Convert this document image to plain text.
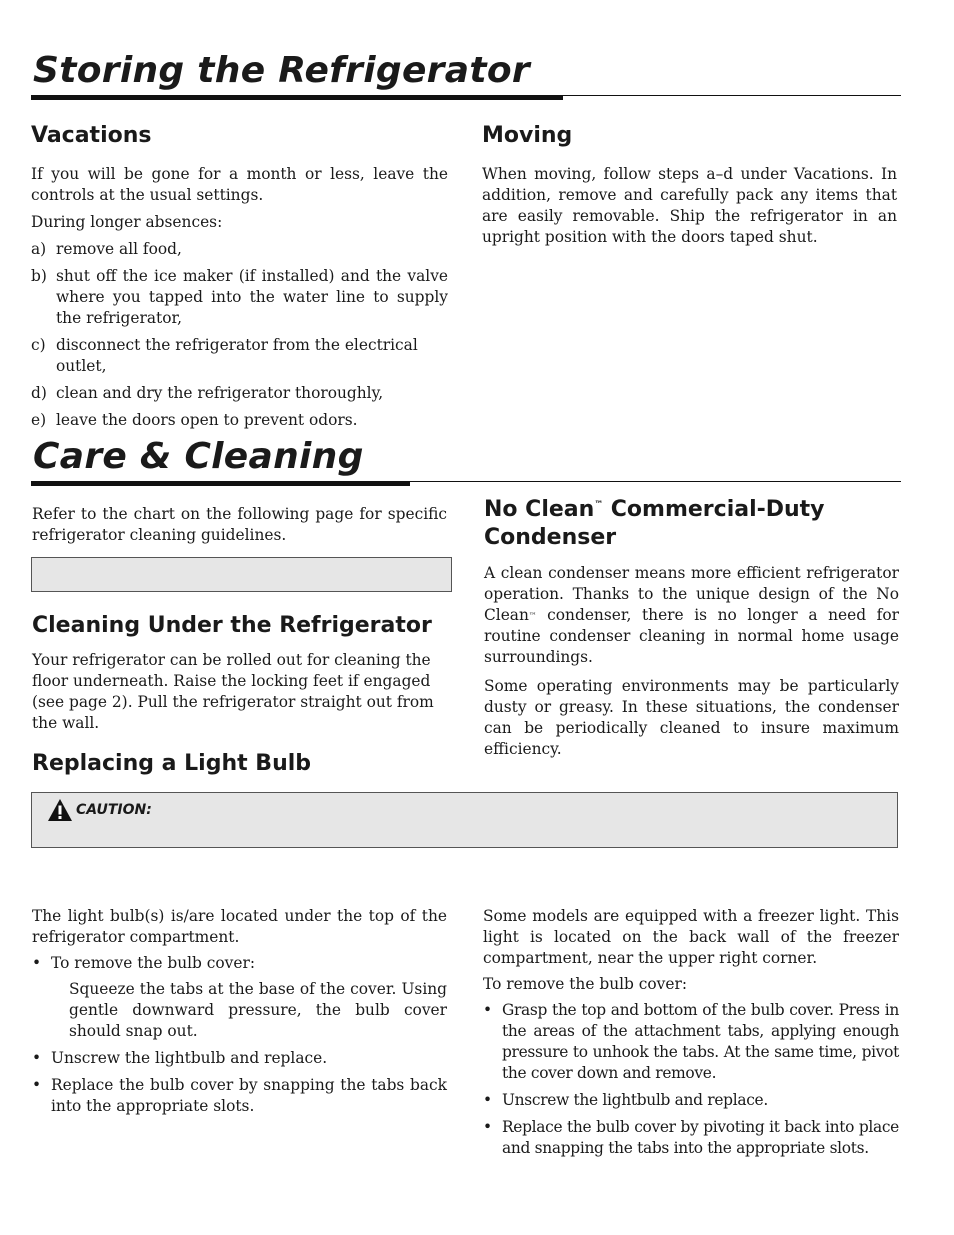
Storing the Refrigerator
Vacations

If you will be gone for a month or less, leave the controls at the usual settings.

During longer absences:

a) remove all food,
b) shut off the ice maker (if installed) and the valve where you tapped into the water line to supply the refrigerator,
c) disconnect the refrigerator from the electrical outlet,
d) clean and dry the refrigerator thoroughly,
e) leave the doors open to prevent odors.
Moving

When moving, follow steps a–d under Vacations. In addition, remove and carefully pack any items that are easily removable. Ship the refrigerator in an upright position with the doors taped shut.

Care & Cleaning

Refer to the chart on the following page for specific refrigerator cleaning guidelines.

Cleaning Under the Refrigerator

Your refrigerator can be rolled out for cleaning the floor underneath. Raise the locking feet if engaged (see page 2). Pull the refrigerator straight out from the wall.

No Clean™ Commercial-Duty
Condenser

A clean condenser means more efficient refrigerator operation. Thanks to the unique design of the No Clean™ condenser, there is no longer a need for routine condenser cleaning in normal home usage surroundings.

Some operating environments may be particularly dusty or greasy. In these situations, the condenser can be periodically cleaned to insure maximum efficiency.

Replacing a Light Bulb
CAUTION:

The light bulb(s) is/are located under the top of the refrigerator compartment.

• To remove the bulb cover:

Squeeze the tabs at the base of the cover. Using gentle downward pressure, the bulb cover should snap out.

• Unscrew the lightbulb and replace.
• Replace the bulb cover by snapping the tabs back into the appropriate slots.

Some models are equipped with a freezer light. This light is located on the back wall of the freezer compartment, near the upper right corner.

To remove the bulb cover:

• Grasp the top and bottom of the bulb cover. Press in the areas of the attachment tabs, applying enough pressure to unhook the tabs. At the same time, pivot the cover down and remove.
• Unscrew the lightbulb and replace.
• Replace the bulb cover by pivoting it back into place and snapping the tabs into the appropriate slots.
